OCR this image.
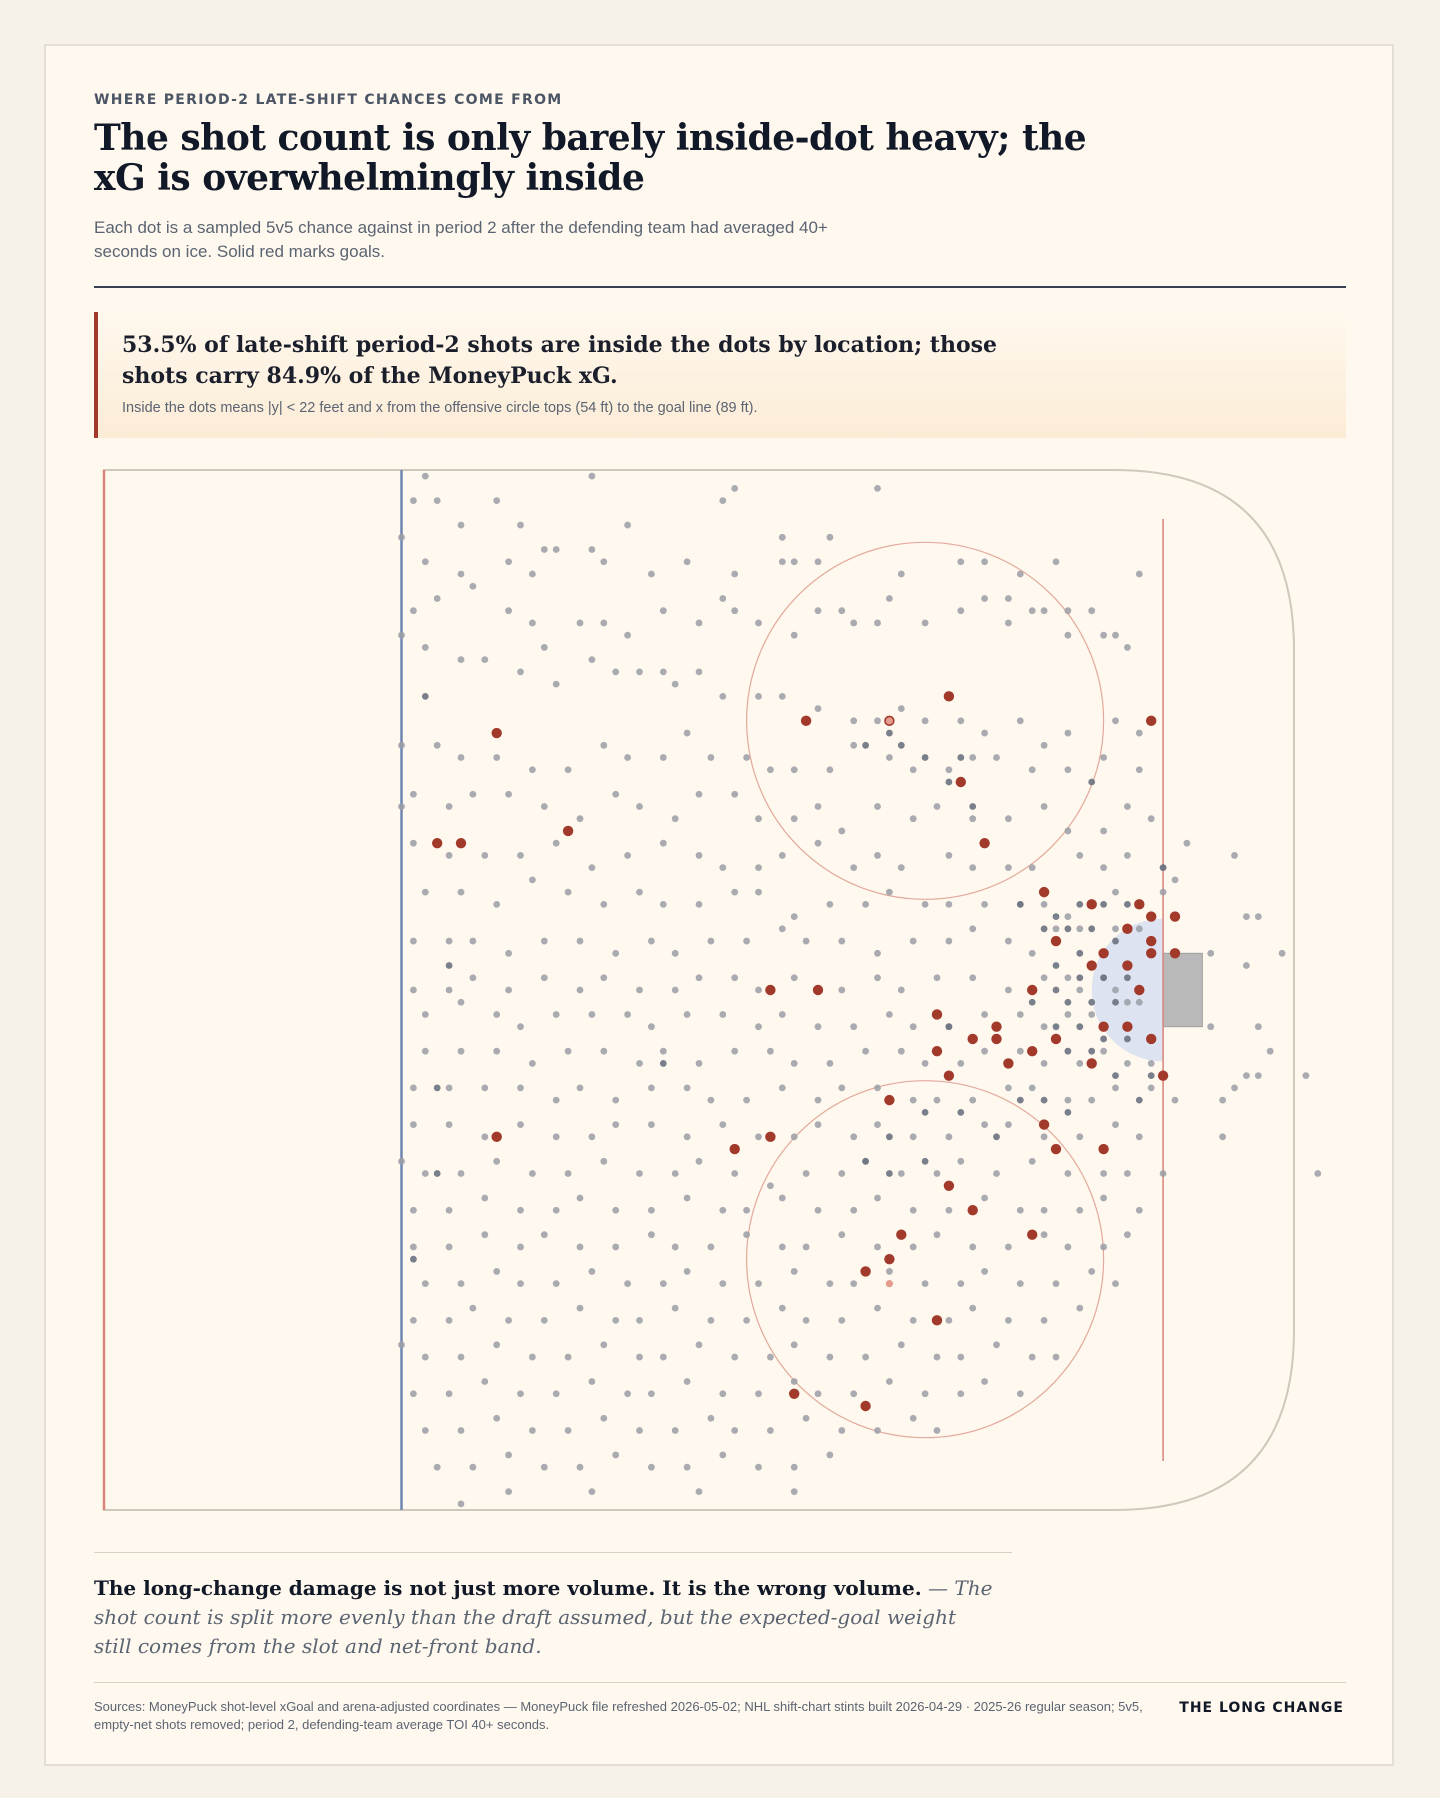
WHERE PERIOD-2 LATE-SHIFT CHANCES COME FROM
The shot count is only barely inside-dot heavy; the xG is overwhelmingly inside
Each dot is a sampled 5v5 chance against in period 2 after the defending team had averaged 40+ seconds on ice. Solid red marks goals.
53.5% of late-shift period-2 shots are inside the dots by location; those shots carry 84.9% of the MoneyPuck xG.
Inside the dots means |y| < 22 feet and x from the offensive circle tops (54 ft) to the goal line (89 ft).
The long-change damage is not just more volume. It is the wrong volume. — The shot count is split more evenly than the draft assumed, but the expected-goal weight still comes from the slot and net-front band.
Sources: MoneyPuck shot-level xGoal and arena-adjusted coordinates — MoneyPuck file refreshed 2026-05-02; NHL shift-chart stints built 2026-04-29 · 2025-26 regular season; 5v5, empty-net shots removed; period 2, defending-team average TOI 40+ seconds.
THE LONG CHANGE
